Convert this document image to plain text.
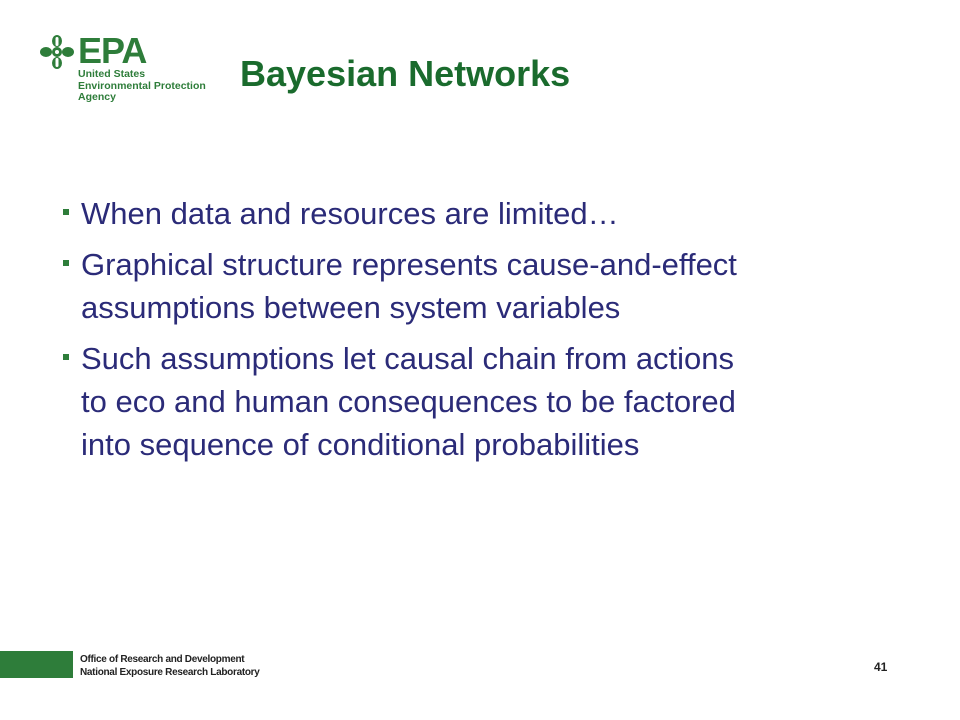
EPA
United States
Environmental Protection
Agency
Bayesian Networks
When data and resources are limited…
Graphical structure represents cause-and-effect
assumptions between system variables
Such assumptions let causal chain from actions
to eco and human consequences to be factored
into sequence of conditional probabilities
Office of Research and Development
National Exposure Research Laboratory	41
